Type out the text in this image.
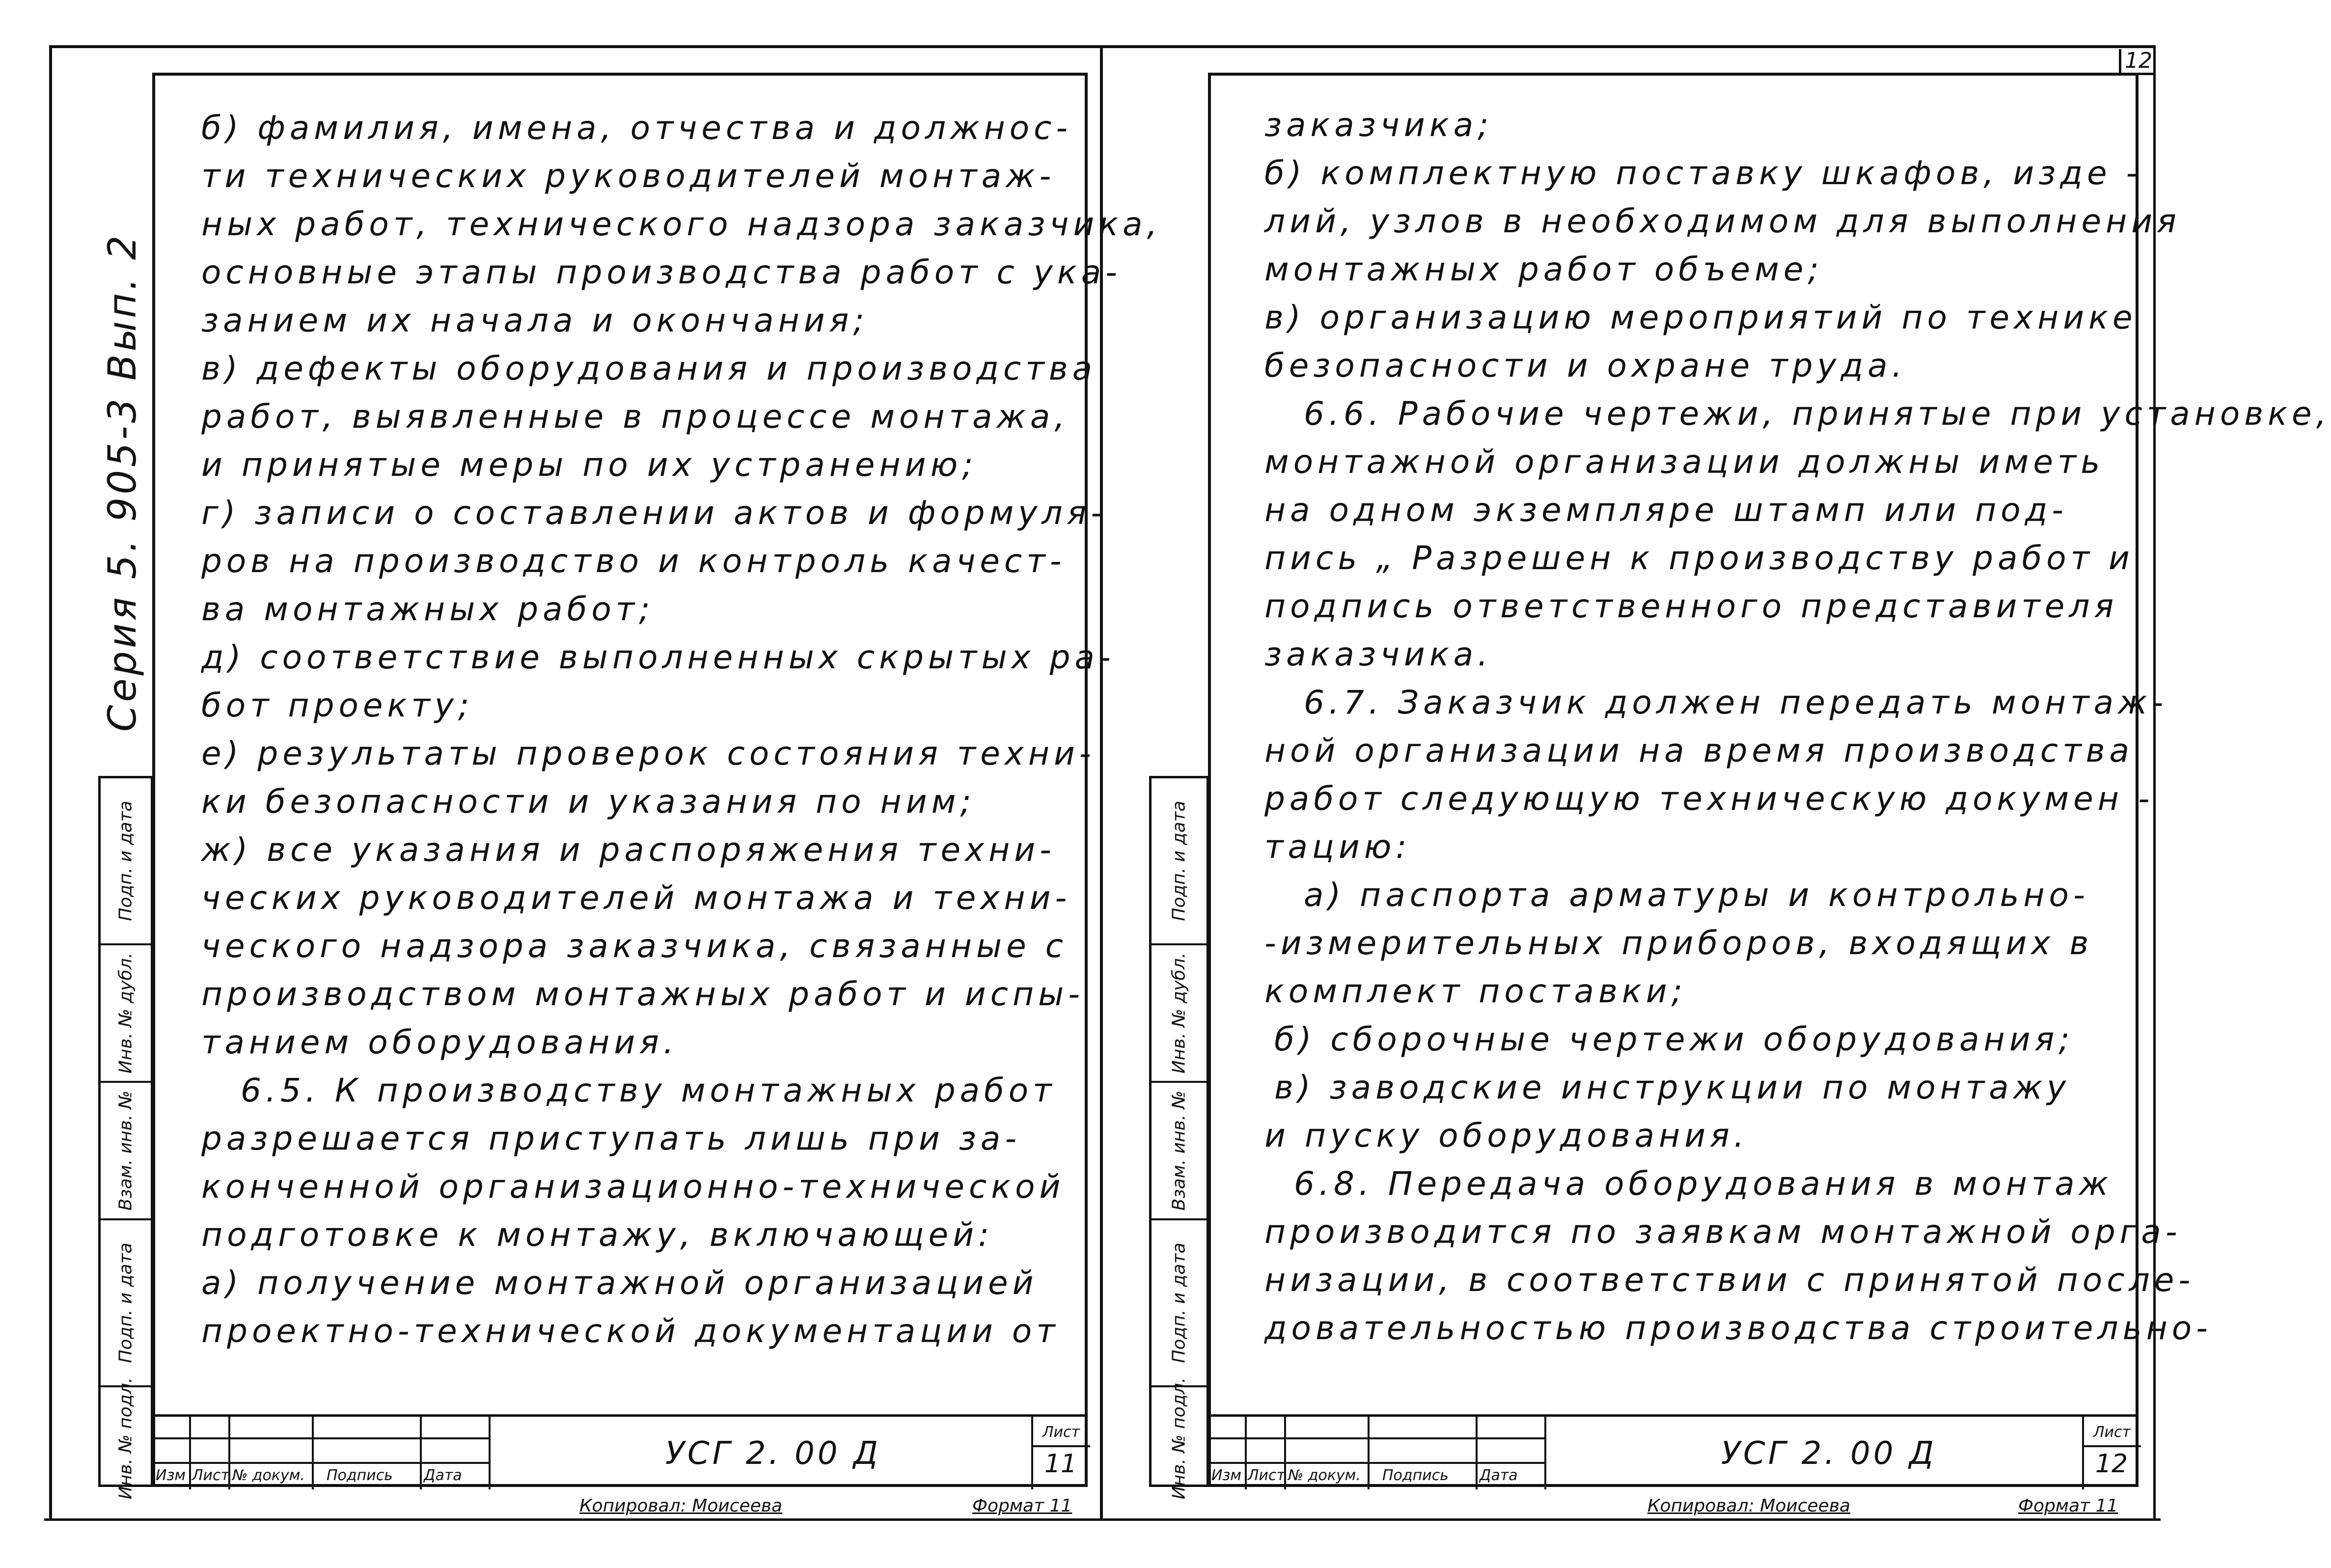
12
Серия 5. 905-3 Вып. 2
Подп. и дата
Инв. № дубл.
Взам. инв. №
Подп. и дата
Инв. № подл.
б) фамилия, имена, отчества и должнос-
ти технических руководителей монтаж-
ных работ, технического надзора заказчика,
основные этапы производства работ с ука-
занием их начала и окончания;
в) дефекты оборудования и производства
работ, выявленные в процессе монтажа,
и принятые меры по их устранению;
г) записи о составлении актов и формуля-
ров на производство и контроль качест-
ва монтажных работ;
д) соответствие выполненных скрытых ра-
бот проекту;
е) результаты проверок состояния техни-
ки безопасности и указания по ним;
ж) все указания и распоряжения техни-
ческих руководителей монтажа и техни-
ческого надзора заказчика, связанные с
производством монтажных работ и испы-
танием оборудования.
6.5. К производству монтажных работ
разрешается приступать лишь при за-
конченной организационно-технической
подготовке к монтажу, включающей:
а) получение монтажной организацией
проектно-технической документации от
Изм Лист № докум. Подпись Дата
УСГ 2. 00 Д
Лист
11
Копировал: Моисеева	Формат 11
Подп. и дата
Инв. № дубл.
Взам. инв. №
Подп. и дата
Инв. № подл.
заказчика;
б) комплектную поставку шкафов, изде -
лий, узлов в необходимом для выполнения
монтажных работ объеме;
в) организацию мероприятий по технике
безопасности и охране труда.
6.6. Рабочие чертежи, принятые при установке,
монтажной организации должны иметь
на одном экземпляре штамп или под-
пись „ Разрешен к производству работ и
подпись ответственного представителя
заказчика.
6.7. Заказчик должен передать монтаж-
ной организации на время производства
работ следующую техническую докумен -
тацию:
а) паспорта арматуры и контрольно-
-измерительных приборов, входящих в
комплект поставки;
б) сборочные чертежи оборудования;
в) заводские инструкции по монтажу
и пуску оборудования.
6.8. Передача оборудования в монтаж
производится по заявкам монтажной орга-
низации, в соответствии с принятой после-
довательностью производства строительно-
Изм Лист № докум. Подпись Дата
УСГ 2. 00 Д
Лист
12
Копировал: Моисеева	Формат 11
